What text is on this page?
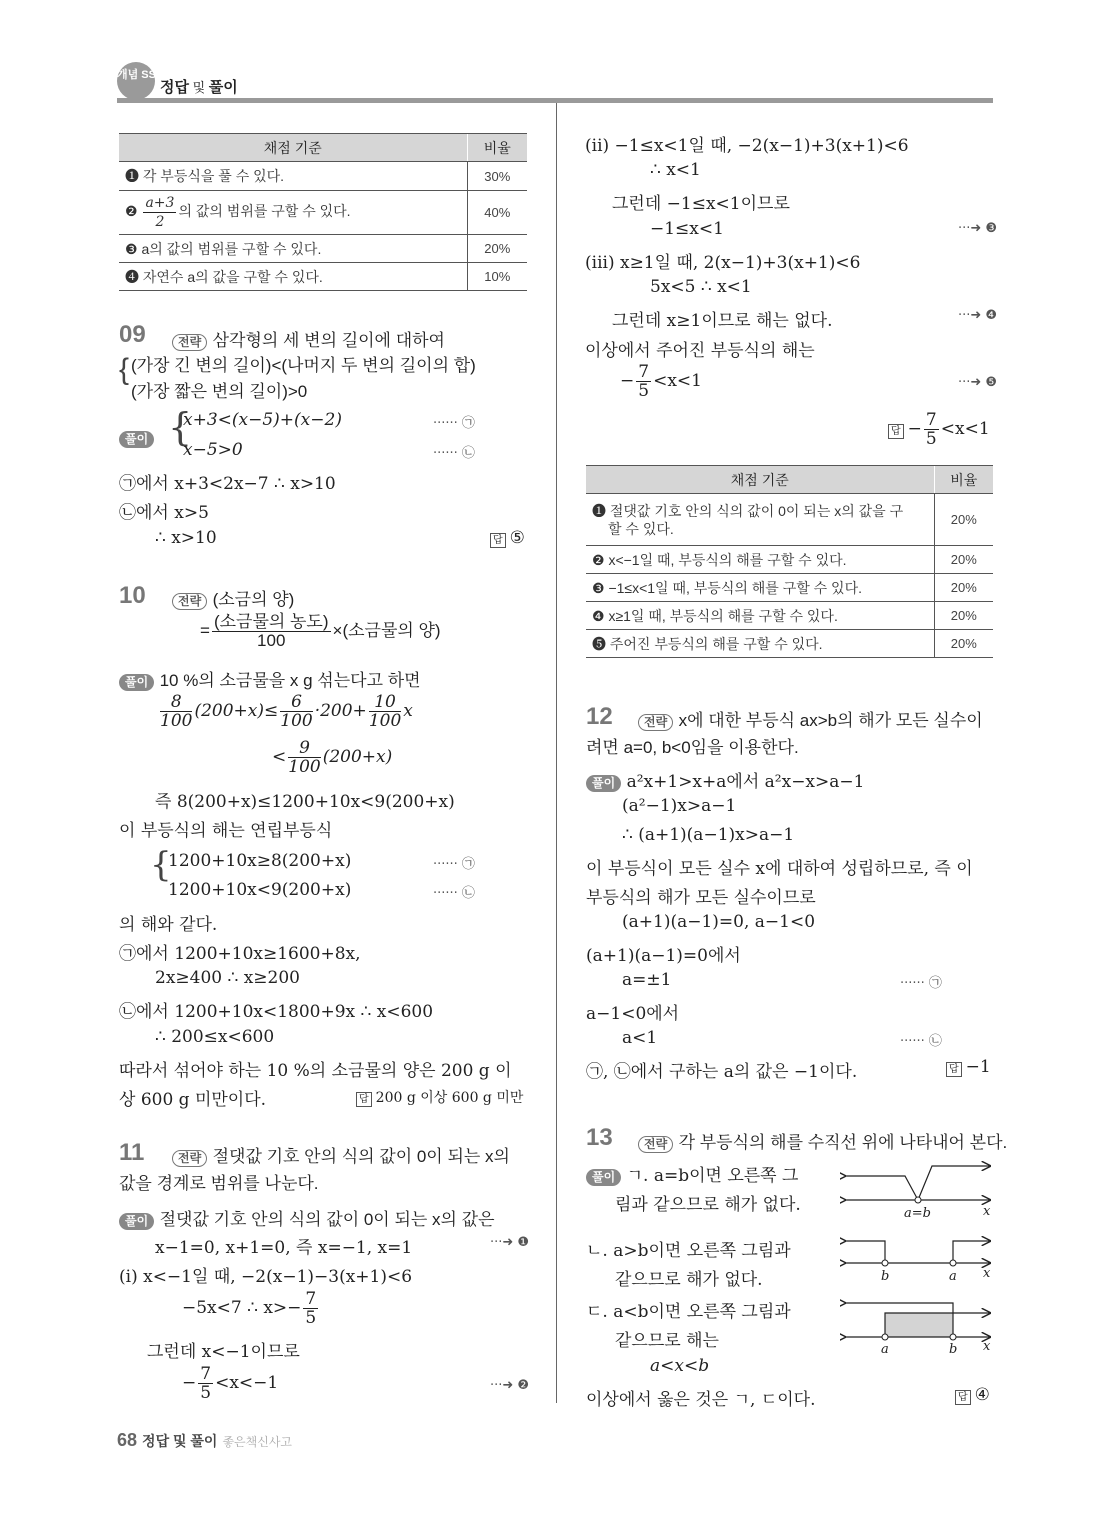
개념 SSEN
정답 및 풀이
채점 기준	비율
❶ 각 부등식을 풀 수 있다.	30%
❷ $\frac{a+3}{2}$ 의 값의 범위를 구할 수 있다.	40%
❸ a의 값의 범위를 구할 수 있다.	20%
❹ 자연수 a의 값을 구할 수 있다.	10%
09	전략 삼각형의 세 변의 길이에 대하여
{ (가장 긴 변의 길이)<(나머지 두 변의 길이의 합)
(가장 짧은 변의 길이)>0
풀이 {
x+3<(x−5)+(x−2)	······ ㉠
x−5>0	······ ㉡
㉠에서 x+3<2x−7 ∴ x>10
㉡에서 x>5
∴ x>10	답 ⑤
10	전략 (소금의 양)
= $\frac{\text{(소금물의 농도)}}{100}$ ×(소금물의 양)
풀이 10 %의 소금물을 x g 섞는다고 하면
$\frac{8}{100} (200+x)\le \frac{6}{100} \cdot 200+ \frac{10}{100}$ x
< $\frac{9}{100} (200+x)$
즉 8(200+x)≤1200+10x<9(200+x)
이 부등식의 해는 연립부등식
{
1200+10x≥8(200+x)	······ ㉠
1200+10x<9(200+x)	······ ㉡
의 해와 같다.
㉠에서 1200+10x≥1600+8x,
2x≥400 ∴ x≥200
㉡에서 1200+10x<1800+9x ∴ x<600
∴ 200≤x<600
따라서 섞어야 하는 10 %의 소금물의 양은 200 g 이
상 600 g 미만이다.	답 200 g 이상 600 g 미만
11	전략 절댓값 기호 안의 식의 값이 0이 되는 x의
값을 경계로 범위를 나눈다.
풀이 절댓값 기호 안의 식의 값이 0이 되는 x의 값은
x−1=0, x+1=0, 즉 x=−1, x=1	···➜ ❶
(i) x<−1일 때, −2(x−1)−3(x+1)<6
−5x<7 ∴ $x>- \frac{7}{5}$
그런데 x<−1이므로
− $\frac{7}{5} <x<-1$	···➜ ❷
(ii) −1≤x<1일 때, −2(x−1)+3(x+1)<6
∴ x<1
그런데 −1≤x<1이므로
−1≤x<1	···➜ ❸
(iii) x≥1일 때, 2(x−1)+3(x+1)<6
5x<5 ∴ x<1
그런데 x≥1이므로 해는 없다.	···➜ ❹
이상에서 주어진 부등식의 해는
− $\frac{7}{5} <x<1$	···➜ ❺
답 − $\frac{7}{5} <x<1$
채점 기준	비율
❶ 절댓값 기호 안의 식의 값이 0이 되는 x의 값을 구
할 수 있다.	20%
❷ x<−1일 때, 부등식의 해를 구할 수 있다.	20%
❸ −1≤x<1일 때, 부등식의 해를 구할 수 있다.	20%
❹ x≥1일 때, 부등식의 해를 구할 수 있다.	20%
❺ 주어진 부등식의 해를 구할 수 있다.	20%
12	전략 x에 대한 부등식 ax>b의 해가 모든 실수이
려면 a=0, b<0임을 이용한다.
풀이 a²x+1>x+a에서 a²x−x>a−1
(a²−1)x>a−1
∴ (a+1)(a−1)x>a−1
이 부등식이 모든 실수 x에 대하여 성립하므로, 즉 이
부등식의 해가 모든 실수이므로
(a+1)(a−1)=0, a−1<0
(a+1)(a−1)=0에서
a=±1	······ ㉠
a−1<0에서
a<1	······ ㉡
㉠, ㉡에서 구하는 a의 값은 −1이다.	답 −1
13	전략 각 부등식의 해를 수직선 위에 나타내어 본다.
풀이 ㄱ. a=b이면 오른쪽 그
림과 같으므로 해가 없다.
ㄴ. a>b이면 오른쪽 그림과
같으므로 해가 없다.
ㄷ. a<b이면 오른쪽 그림과
같으므로 해는
a<x<b
이상에서 옳은 것은 ㄱ, ㄷ이다.	답 ④
a=b	x
b	a x
a	b x
68 정답 및 풀이 좋은책신사고
